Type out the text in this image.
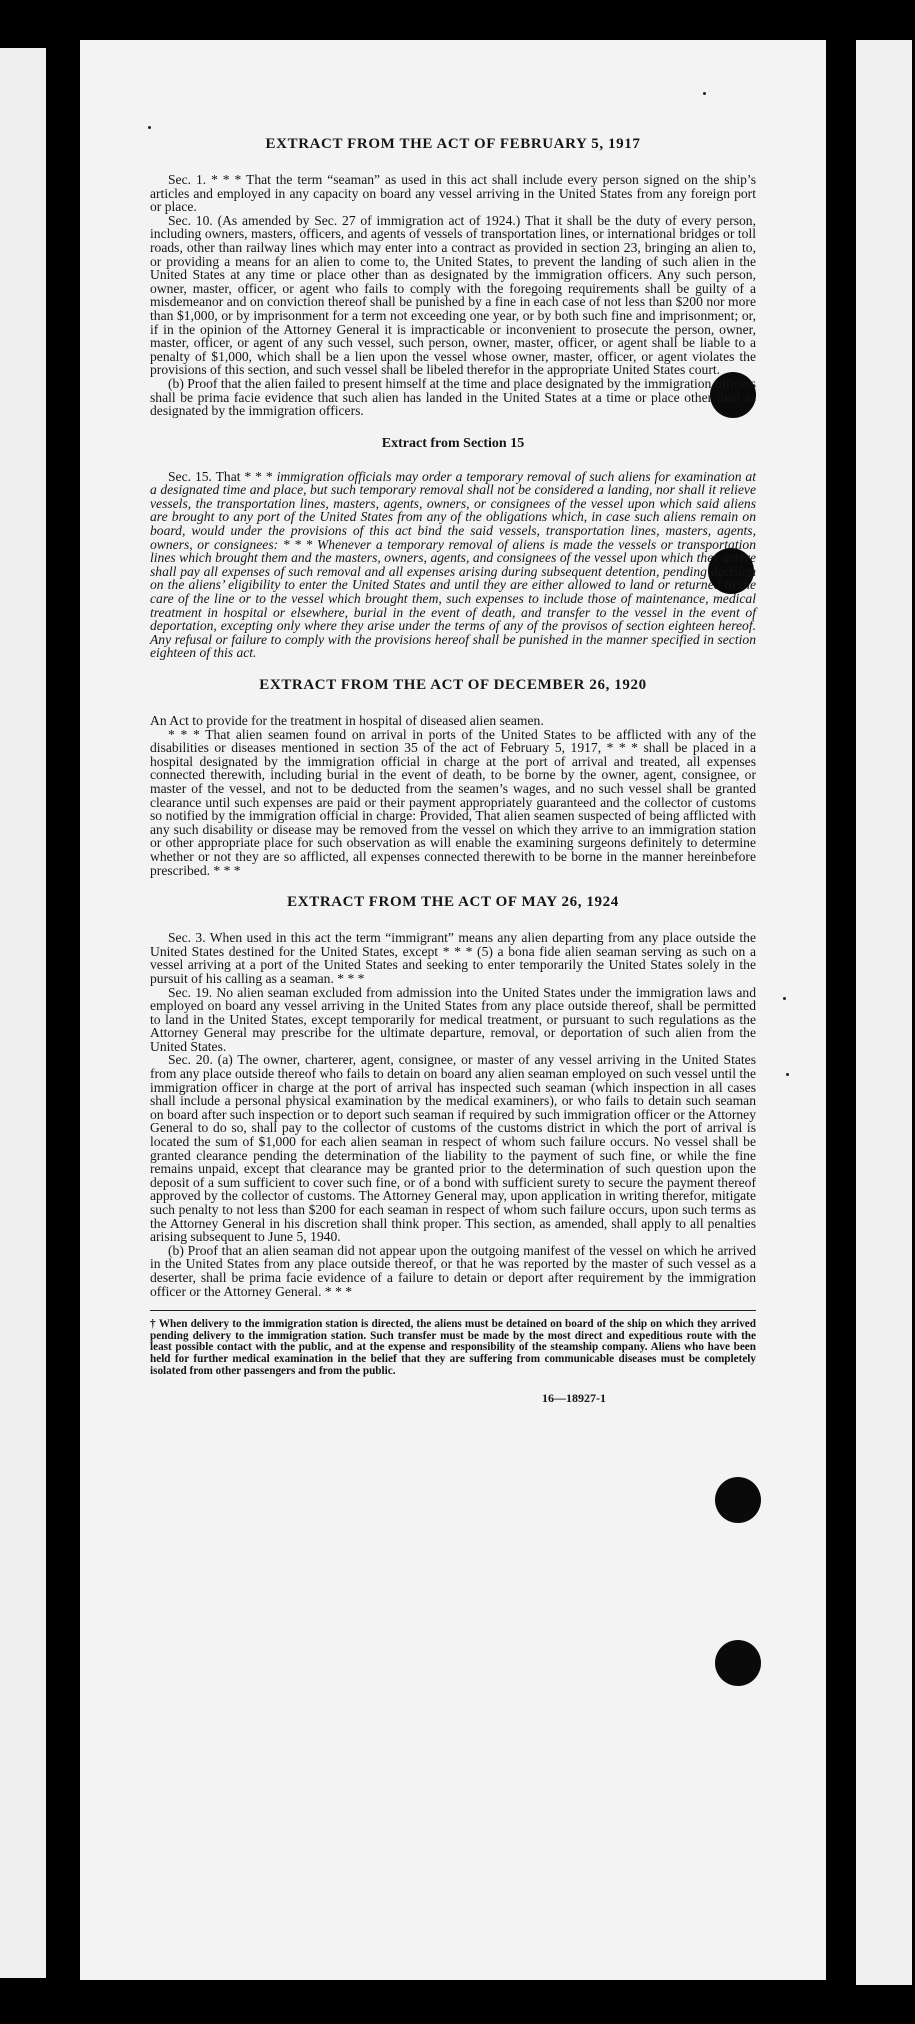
EXTRACT FROM THE ACT OF FEBRUARY 5, 1917

Sec. 1. * * * That the term “seaman” as used in this act shall include every person signed on the ship’s articles and employed in any capacity on board any vessel arriving in the United States from any foreign port or place.

Sec. 10. (As amended by Sec. 27 of immigration act of 1924.) That it shall be the duty of every person, including owners, masters, officers, and agents of vessels of transportation lines, or international bridges or toll roads, other than railway lines which may enter into a contract as provided in section 23, bringing an alien to, or providing a means for an alien to come to, the United States, to prevent the landing of such alien in the United States at any time or place other than as designated by the immigration officers. Any such person, owner, master, officer, or agent who fails to comply with the foregoing requirements shall be guilty of a misdemeanor and on conviction thereof shall be punished by a fine in each case of not less than $200 nor more than $1,000, or by imprisonment for a term not exceeding one year, or by both such fine and imprisonment; or, if in the opinion of the Attorney General it is impracticable or inconvenient to prosecute the person, owner, master, officer, or agent of any such vessel, such person, owner, master, officer, or agent shall be liable to a penalty of $1,000, which shall be a lien upon the vessel whose owner, master, officer, or agent violates the provisions of this section, and such vessel shall be libeled therefor in the appropriate United States court.

(b) Proof that the alien failed to present himself at the time and place designated by the immigration officers shall be prima facie evidence that such alien has landed in the United States at a time or place other than as designated by the immigration officers.

Extract from Section 15

Sec. 15. That * * * immigration officials may order a temporary removal of such aliens for examination at a designated time and place, but such temporary removal shall not be considered a landing, nor shall it relieve vessels, the transportation lines, masters, agents, owners, or consignees of the vessel upon which said aliens are brought to any port of the United States from any of the obligations which, in case such aliens remain on board, would under the provisions of this act bind the said vessels, transportation lines, masters, agents, owners, or consignees: * * * Whenever a temporary removal of aliens is made the vessels or transportation lines which brought them and the masters, owners, agents, and consignees of the vessel upon which they arrive shall pay all expenses of such removal and all expenses arising during subsequent detention, pending decision on the aliens’ eligibility to enter the United States and until they are either allowed to land or returned to the care of the line or to the vessel which brought them, such expenses to include those of maintenance, medical treatment in hospital or elsewhere, burial in the event of death, and transfer to the vessel in the event of deportation, excepting only where they arise under the terms of any of the provisos of section eighteen hereof. Any refusal or failure to comply with the provisions hereof shall be punished in the manner specified in section eighteen of this act.

EXTRACT FROM THE ACT OF DECEMBER 26, 1920

An Act to provide for the treatment in hospital of diseased alien seamen.

* * * That alien seamen found on arrival in ports of the United States to be afflicted with any of the disabilities or diseases mentioned in section 35 of the act of February 5, 1917, * * * shall be placed in a hospital designated by the immigration official in charge at the port of arrival and treated, all expenses connected therewith, including burial in the event of death, to be borne by the owner, agent, consignee, or master of the vessel, and not to be deducted from the seamen’s wages, and no such vessel shall be granted clearance until such expenses are paid or their payment appropriately guaranteed and the collector of customs so notified by the immigration official in charge: Provided, That alien seamen suspected of being afflicted with any such disability or disease may be removed from the vessel on which they arrive to an immigration station or other appropriate place for such observation as will enable the examining surgeons definitely to determine whether or not they are so afflicted, all expenses connected therewith to be borne in the manner hereinbefore prescribed. * * *

EXTRACT FROM THE ACT OF MAY 26, 1924

Sec. 3. When used in this act the term “immigrant” means any alien departing from any place outside the United States destined for the United States, except * * * (5) a bona fide alien seaman serving as such on a vessel arriving at a port of the United States and seeking to enter temporarily the United States solely in the pursuit of his calling as a seaman. * * *

Sec. 19. No alien seaman excluded from admission into the United States under the immigration laws and employed on board any vessel arriving in the United States from any place outside thereof, shall be permitted to land in the United States, except temporarily for medical treatment, or pursuant to such regulations as the Attorney General may prescribe for the ultimate departure, removal, or deportation of such alien from the United States.

Sec. 20. (a) The owner, charterer, agent, consignee, or master of any vessel arriving in the United States from any place outside thereof who fails to detain on board any alien seaman employed on such vessel until the immigration officer in charge at the port of arrival has inspected such seaman (which inspection in all cases shall include a personal physical examination by the medical examiners), or who fails to detain such seaman on board after such inspection or to deport such seaman if required by such immigration officer or the Attorney General to do so, shall pay to the collector of customs of the customs district in which the port of arrival is located the sum of $1,000 for each alien seaman in respect of whom such failure occurs. No vessel shall be granted clearance pending the determination of the liability to the payment of such fine, or while the fine remains unpaid, except that clearance may be granted prior to the determination of such question upon the deposit of a sum sufficient to cover such fine, or of a bond with sufficient surety to secure the payment thereof approved by the collector of customs. The Attorney General may, upon application in writing therefor, mitigate such penalty to not less than $200 for each seaman in respect of whom such failure occurs, upon such terms as the Attorney General in his discretion shall think proper. This section, as amended, shall apply to all penalties arising subsequent to June 5, 1940.

(b) Proof that an alien seaman did not appear upon the outgoing manifest of the vessel on which he arrived in the United States from any place outside thereof, or that he was reported by the master of such vessel as a deserter, shall be prima facie evidence of a failure to detain or deport after requirement by the immigration officer or the Attorney General. * * *

† When delivery to the immigration station is directed, the aliens must be detained on board of the ship on which they arrived pending delivery to the immigration station. Such transfer must be made by the most direct and expeditious route with the least possible contact with the public, and at the expense and responsibility of the steamship company. Aliens who have been held for further medical examination in the belief that they are suffering from communicable diseases must be completely isolated from other passengers and from the public.

16—18927-1
